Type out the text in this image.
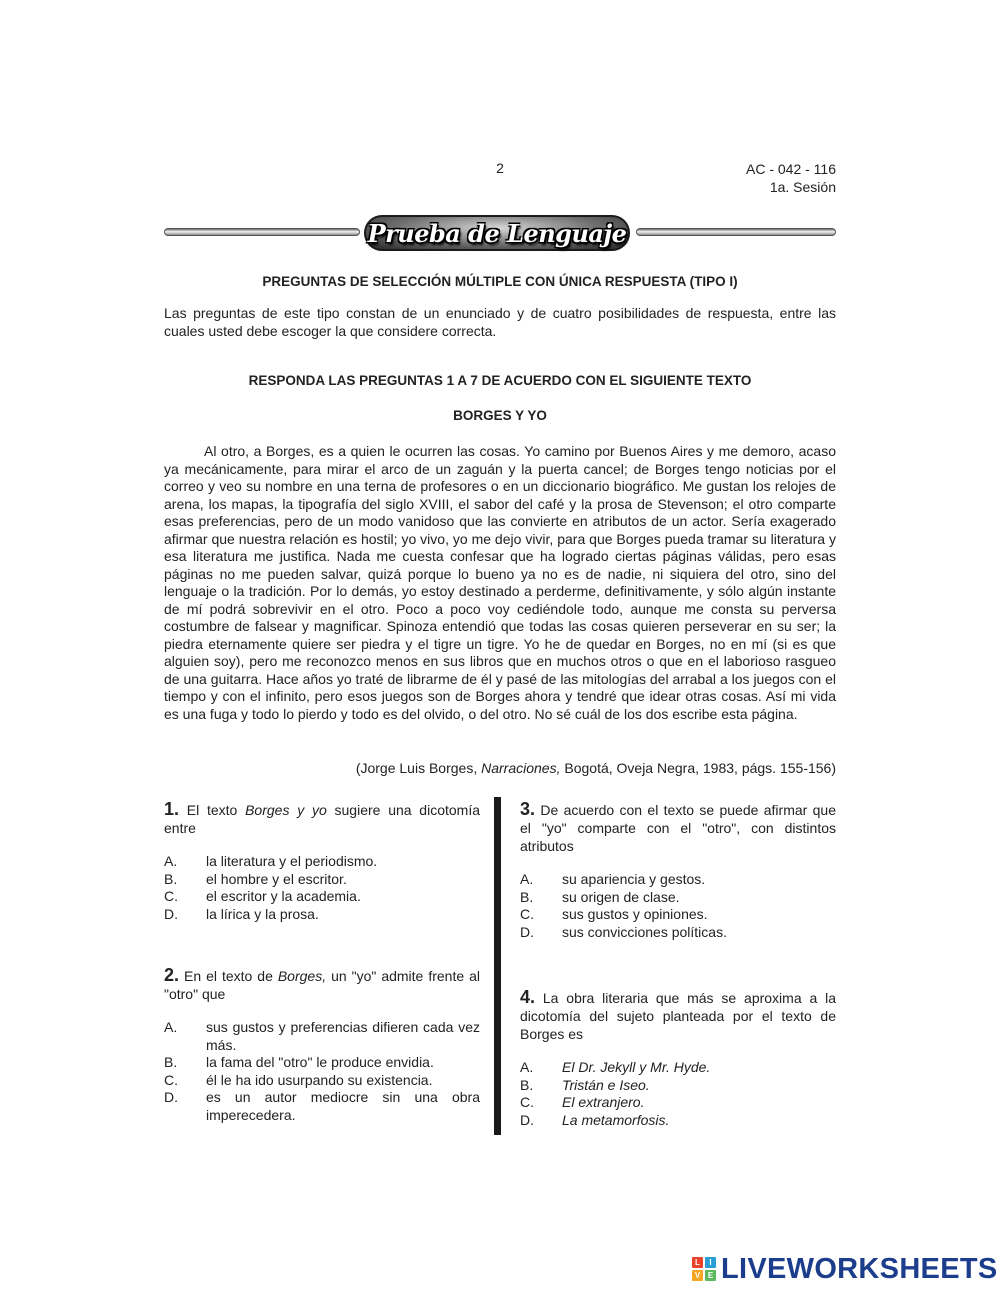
2	AC - 042 - 116
1a. Sesión
Prueba de Lenguaje
PREGUNTAS DE SELECCIÓN MÚLTIPLE CON ÚNICA RESPUESTA (TIPO I)

Las preguntas de este tipo constan de un enunciado y de cuatro posibilidades de respuesta, entre las cuales usted debe escoger la que considere correcta.

RESPONDA LAS PREGUNTAS 1 A 7 DE ACUERDO CON EL SIGUIENTE TEXTO
BORGES Y YO

Al otro, a Borges, es a quien le ocurren las cosas. Yo camino por Buenos Aires y me demoro, acaso ya mecánicamente, para mirar el arco de un zaguán y la puerta cancel; de Borges tengo noticias por el correo y veo su nombre en una terna de profesores o en un diccionario biográfico. Me gustan los relojes de arena, los mapas, la tipografía del siglo XVIII, el sabor del café y la prosa de Stevenson; el otro comparte esas preferencias, pero de un modo vanidoso que las convierte en atributos de un actor. Sería exagerado afirmar que nuestra relación es hostil; yo vivo, yo me dejo vivir, para que Borges pueda tramar su literatura y esa literatura me justifica. Nada me cuesta confesar que ha logrado ciertas páginas válidas, pero esas páginas no me pueden salvar, quizá porque lo bueno ya no es de nadie, ni siquiera del otro, sino del lenguaje o la tradición. Por lo demás, yo estoy destinado a perderme, definitivamente, y sólo algún instante de mí podrá sobrevivir en el otro. Poco a poco voy cediéndole todo, aunque me consta su perversa costumbre de falsear y magnificar. Spinoza entendió que todas las cosas quieren perseverar en su ser; la piedra eternamente quiere ser piedra y el tigre un tigre. Yo he de quedar en Borges, no en mí (si es que alguien soy), pero me reconozco menos en sus libros que en muchos otros o que en el laborioso rasgueo de una guitarra. Hace años yo traté de librarme de él y pasé de las mitologías del arrabal a los juegos con el tiempo y con el infinito, pero esos juegos son de Borges ahora y tendré que idear otras cosas. Así mi vida es una fuga y todo lo pierdo y todo es del olvido, o del otro. No sé cuál de los dos escribe esta página.

(Jorge Luis Borges, Narraciones, Bogotá, Oveja Negra, 1983, págs. 155-156)

1. El texto Borges y yo sugiere una dicotomía entre

A.	la literatura y el periodismo.
B.	el hombre y el escritor.
C.	el escritor y la academia.
D.	la lírica y la prosa.

2. En el texto de Borges, un "yo" admite frente al "otro" que

A.	sus gustos y preferencias difieren cada vez más.
B.	la fama del "otro" le produce envidia.
C.	él le ha ido usurpando su existencia.
D.	es un autor mediocre sin una obra imperecedera.

3. De acuerdo con el texto se puede afirmar que el "yo" comparte con el "otro", con distintos atributos

A.	su apariencia y gestos.
B.	su origen de clase.
C.	sus gustos y opiniones.
D.	sus convicciones políticas.

4. La obra literaria que más se aproxima a la dicotomía del sujeto planteada por el texto de Borges es

A.	El Dr. Jekyll y Mr. Hyde.
B.	Tristán e Iseo.
C.	El extranjero.
D.	La metamorfosis.
L	I
V E LIVEWORKSHEETS
